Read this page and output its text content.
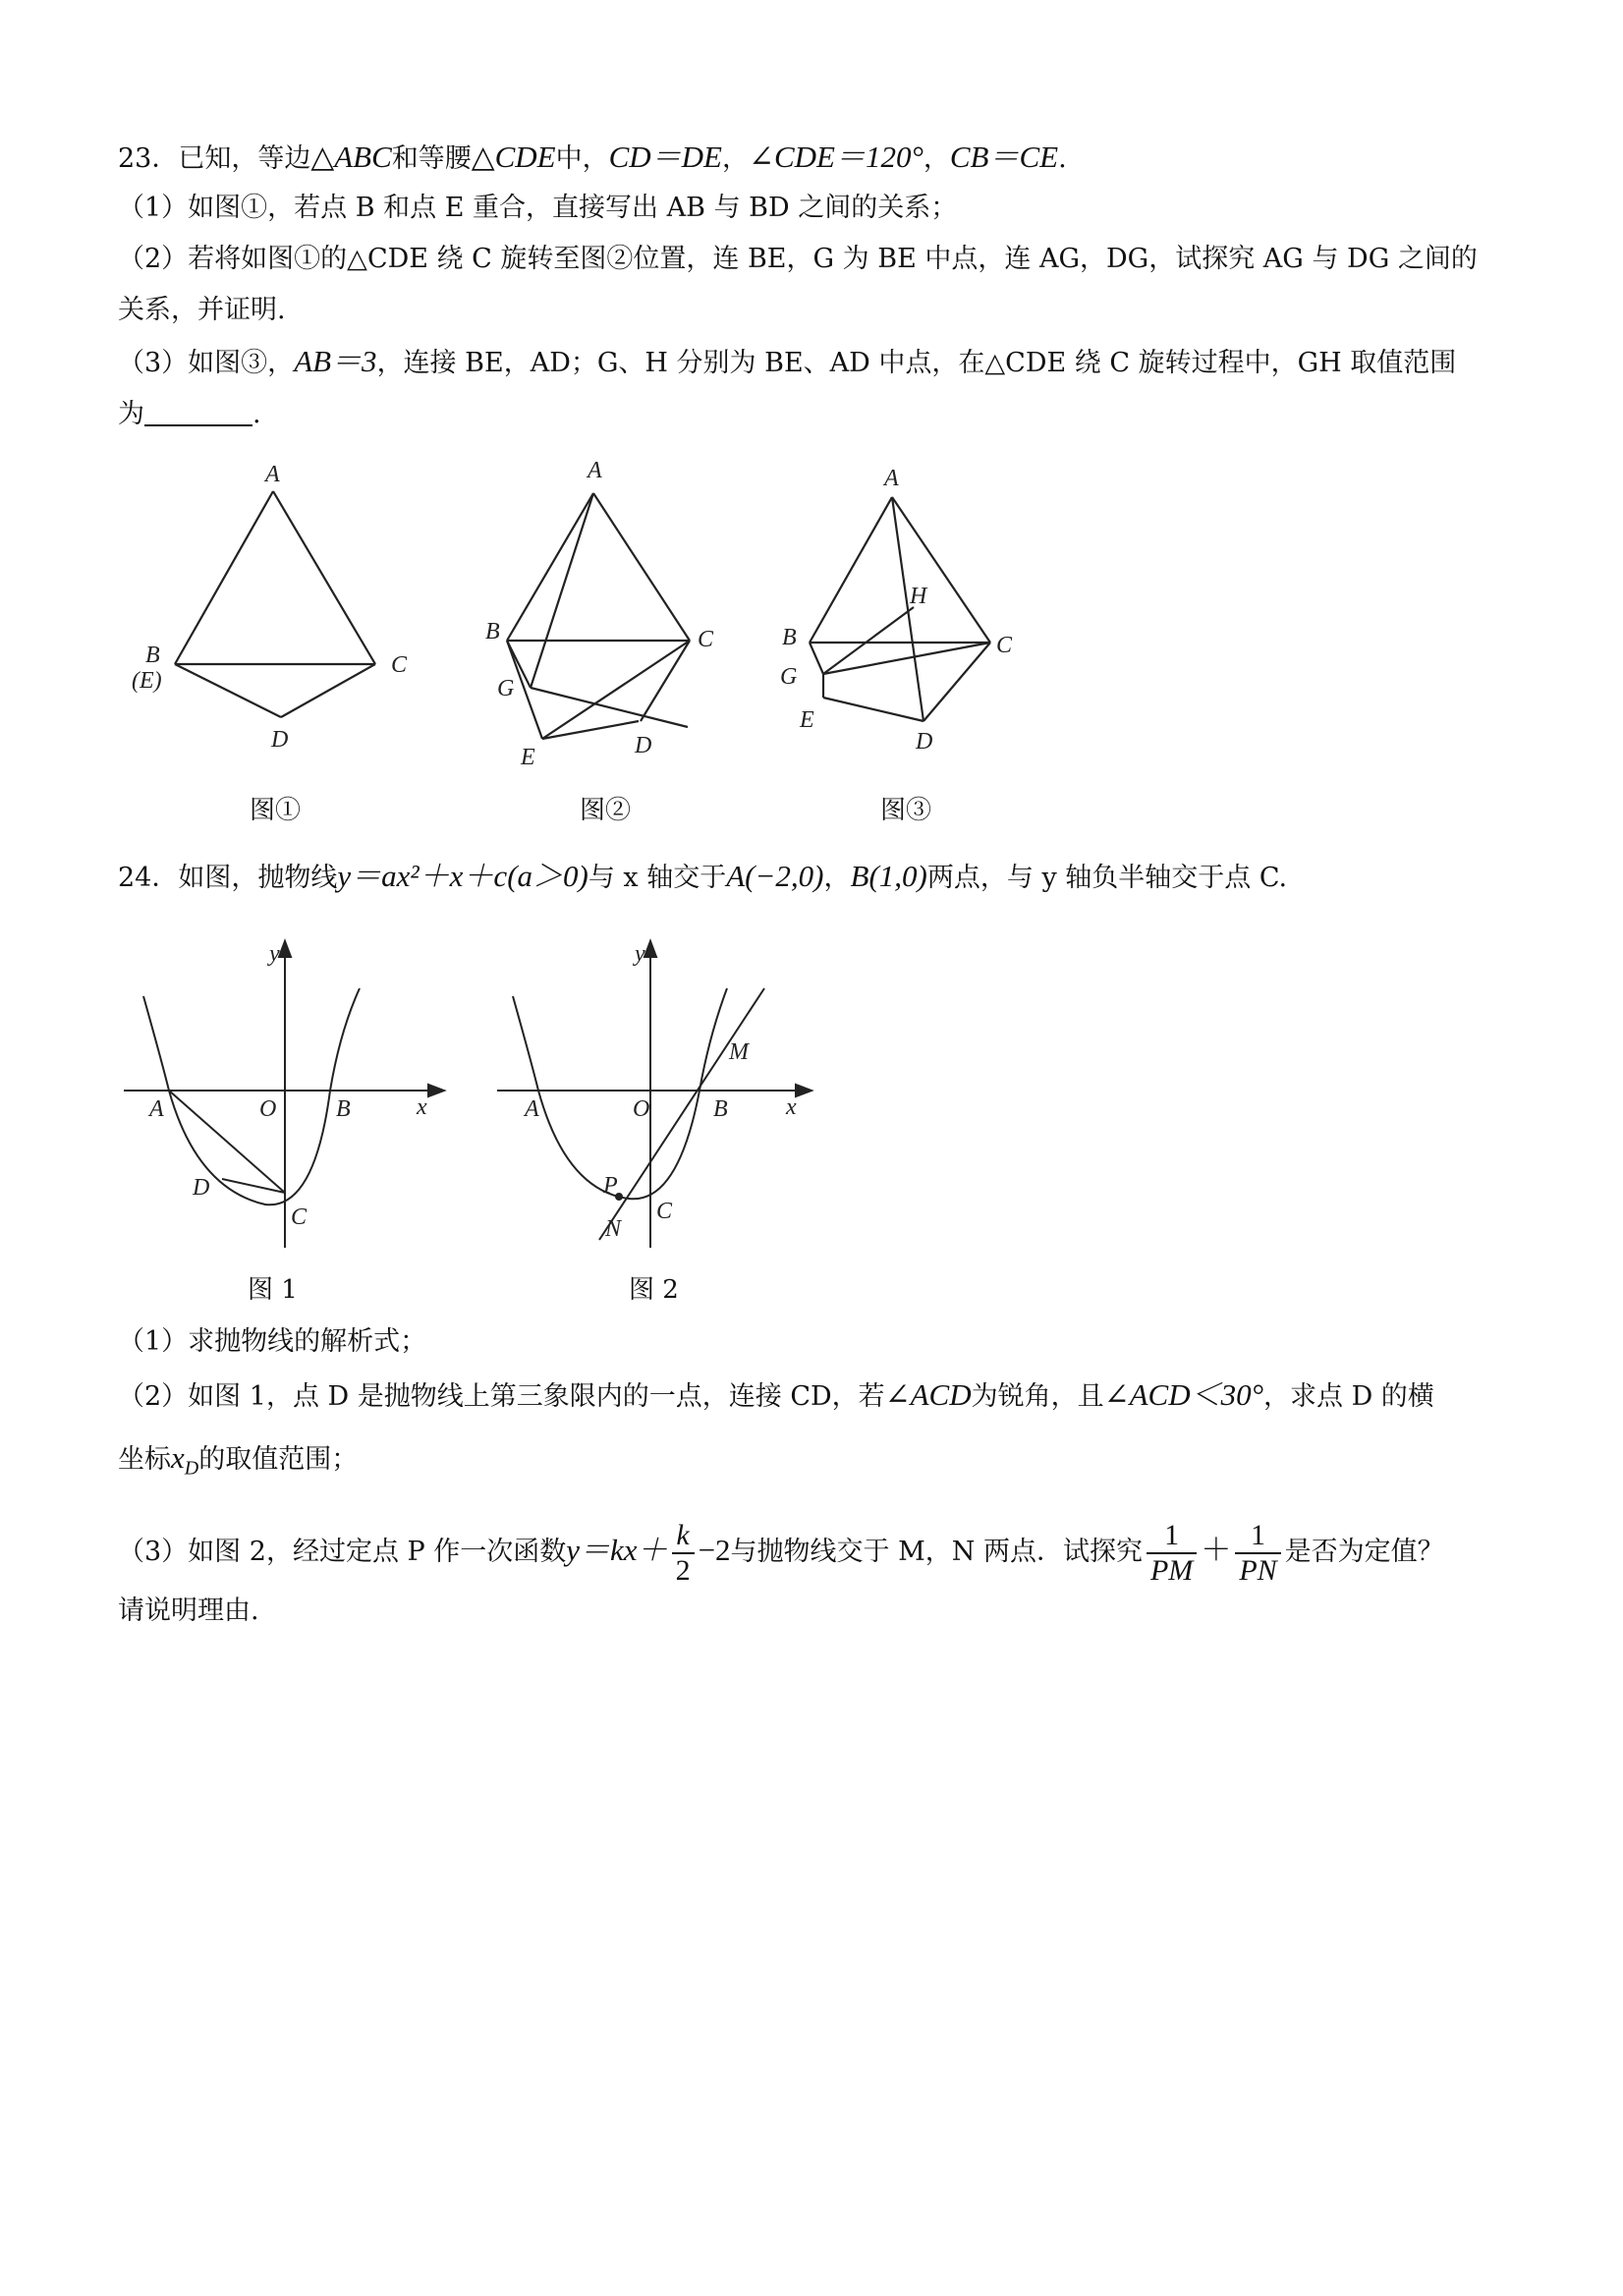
23．已知，等边△ABC和等腰△CDE中，CD＝DE，∠CDE＝120°，CB＝CE.
（1）如图①，若点 B 和点 E 重合，直接写出 AB 与 BD 之间的关系；
（2）若将如图①的△CDE 绕 C 旋转至图②位置，连 BE，G 为 BE 中点，连 AG，DG，试探究 AG 与 DG 之间的
关系，并证明.
（3）如图③，AB＝3，连接 BE，AD；G、H 分别为 BE、AD 中点，在△CDE 绕 C 旋转过程中，GH 取值范围
为	.
A
B
(E)
C
D
图①
A
B	C
G
E	D
图②
A
H
B	C
G
E
D
图③
24．如图，抛物线y＝ax²＋x＋c(a＞0)与 x 轴交于A(−2,0)，B(1,0)两点，与 y 轴负半轴交于点 C.
y
x
A	O	B
D
C
图 1
y
x
A	O	B
M
P
N
C
图 2
（1）求抛物线的解析式；
（2）如图 1，点 D 是抛物线上第三象限内的一点，连接 CD，若∠ACD为锐角，且∠ACD＜30°，求点 D 的横
坐标$x_D$的取值范围；
（3）如图 2，经过定点 P 作一次函数$y=kx+ \frac{k}{2} -2$与抛物线交于 M，N 两点．试探究 $\frac{1}{PM} + \frac{1}{PN}$ 是否为定值？
请说明理由.
